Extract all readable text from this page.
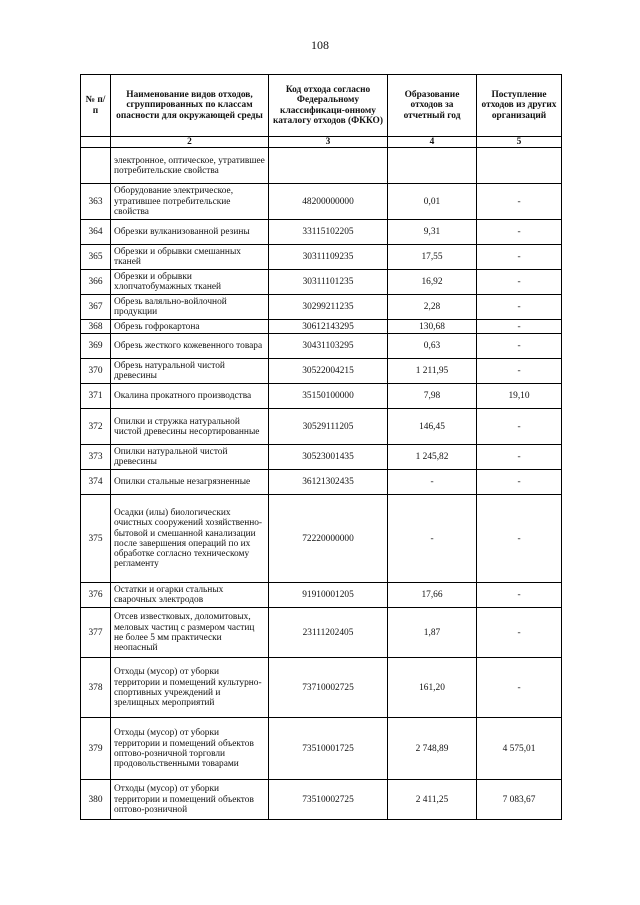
108
№ п/п	Наименование видов отходов, сгруппированных по классам опасности для окружающей среды	Код отхода согласно Федеральному классификаци-онному каталогу отходов (ФККО)	Образование отходов за отчетный год	Поступление отходов из других организаций
	2	3	4	5
	электронное, оптическое, утратившее потребительские свойства			
363	Оборудование электрическое, утратившее потребительские свойства	48200000000	0,01	-
364	Обрезки вулканизованной резины	33115102205	9,31	-
365	Обрезки и обрывки смешанных тканей	30311109235	17,55	-
366	Обрезки и обрывки хлопчатобумажных тканей	30311101235	16,92	-
367	Обрезь валяльно-войлочной продукции	30299211235	2,28	-
368	Обрезь гофрокартона	30612143295	130,68	-
369	Обрезь жесткого кожевенного товара	30431103295	0,63	-
370	Обрезь натуральной чистой древесины	30522004215	1 211,95	-
371	Окалина прокатного производства	35150100000	7,98	19,10
372	Опилки и стружка натуральной чистой древесины несортированные	30529111205	146,45	-
373	Опилки натуральной чистой древесины	30523001435	1 245,82	-
374	Опилки стальные незагрязненные	36121302435	-	-
375	Осадки (илы) биологических очистных сооружений хозяйственно-бытовой и смешанной канализации после завершения операций по их обработке согласно техническому регламенту	72220000000	-	-
376	Остатки и огарки стальных сварочных электродов	91910001205	17,66	-
377	Отсев известковых, доломитовых, меловых частиц с размером частиц не более 5 мм практически неопасный	23111202405	1,87	-
378	Отходы (мусор) от уборки территории и помещений культурно-спортивных учреждений и зрелищных мероприятий	73710002725	161,20	-
379	Отходы (мусор) от уборки территории и помещений объектов оптово-розничной торговли продовольственными товарами	73510001725	2 748,89	4 575,01
380	Отходы (мусор) от уборки территории и помещений объектов оптово-розничной	73510002725	2 411,25	7 083,67
